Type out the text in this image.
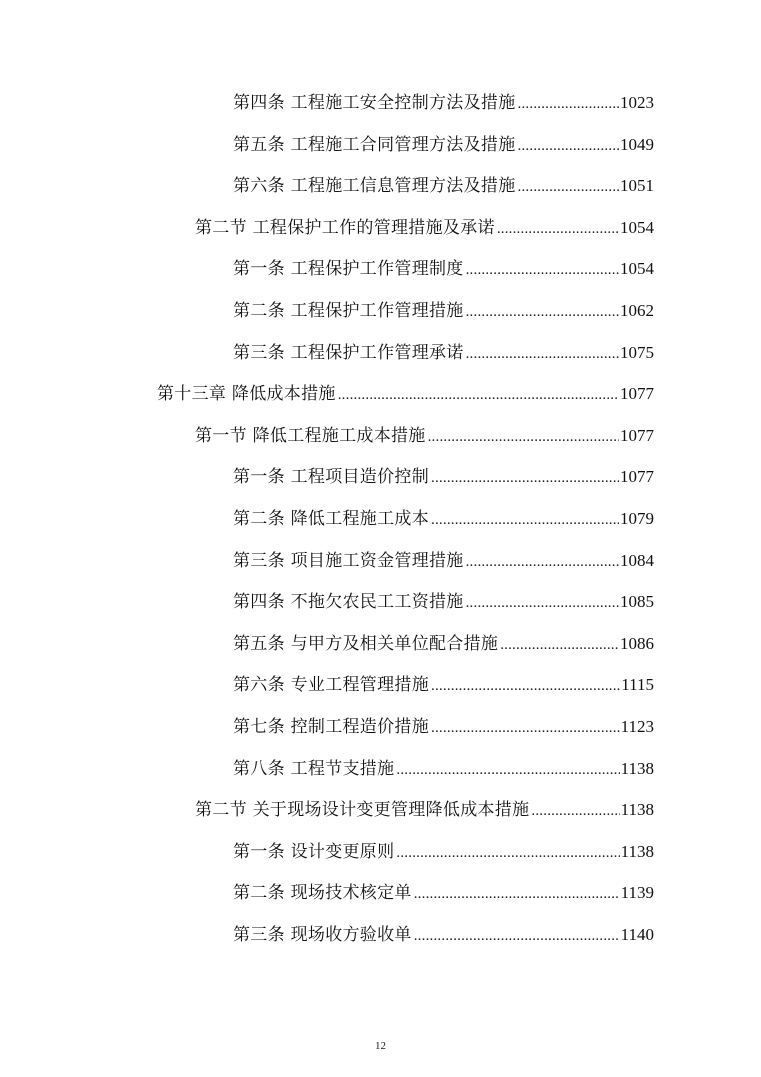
第四条 工程施工安全控制方法及措施 .....	1023
第五条 工程施工合同管理方法及措施 .....	1049
第六条 工程施工信息管理方法及措施 .....	1051
第二节 工程保护工作的管理措施及承诺 .....	1054
第一条 工程保护工作管理制度 .....	1054
第二条 工程保护工作管理措施 .....	1062
第三条 工程保护工作管理承诺 .....	1075
第十三章 降低成本措施 .....	1077
第一节 降低工程施工成本措施 .....	1077
第一条 工程项目造价控制 .....	1077
第二条 降低工程施工成本 .....	1079
第三条 项目施工资金管理措施 .....	1084
第四条 不拖欠农民工工资措施 .....	1085
第五条 与甲方及相关单位配合措施 .....	1086
第六条 专业工程管理措施 .....	1115
第七条 控制工程造价措施 .....	1123
第八条 工程节支措施 .....	1138
第二节 关于现场设计变更管理降低成本措施 .....	1138
第一条 设计变更原则 .....	1138
第二条 现场技术核定单 .....	1139
第三条 现场收方验收单 .....	1140
12
